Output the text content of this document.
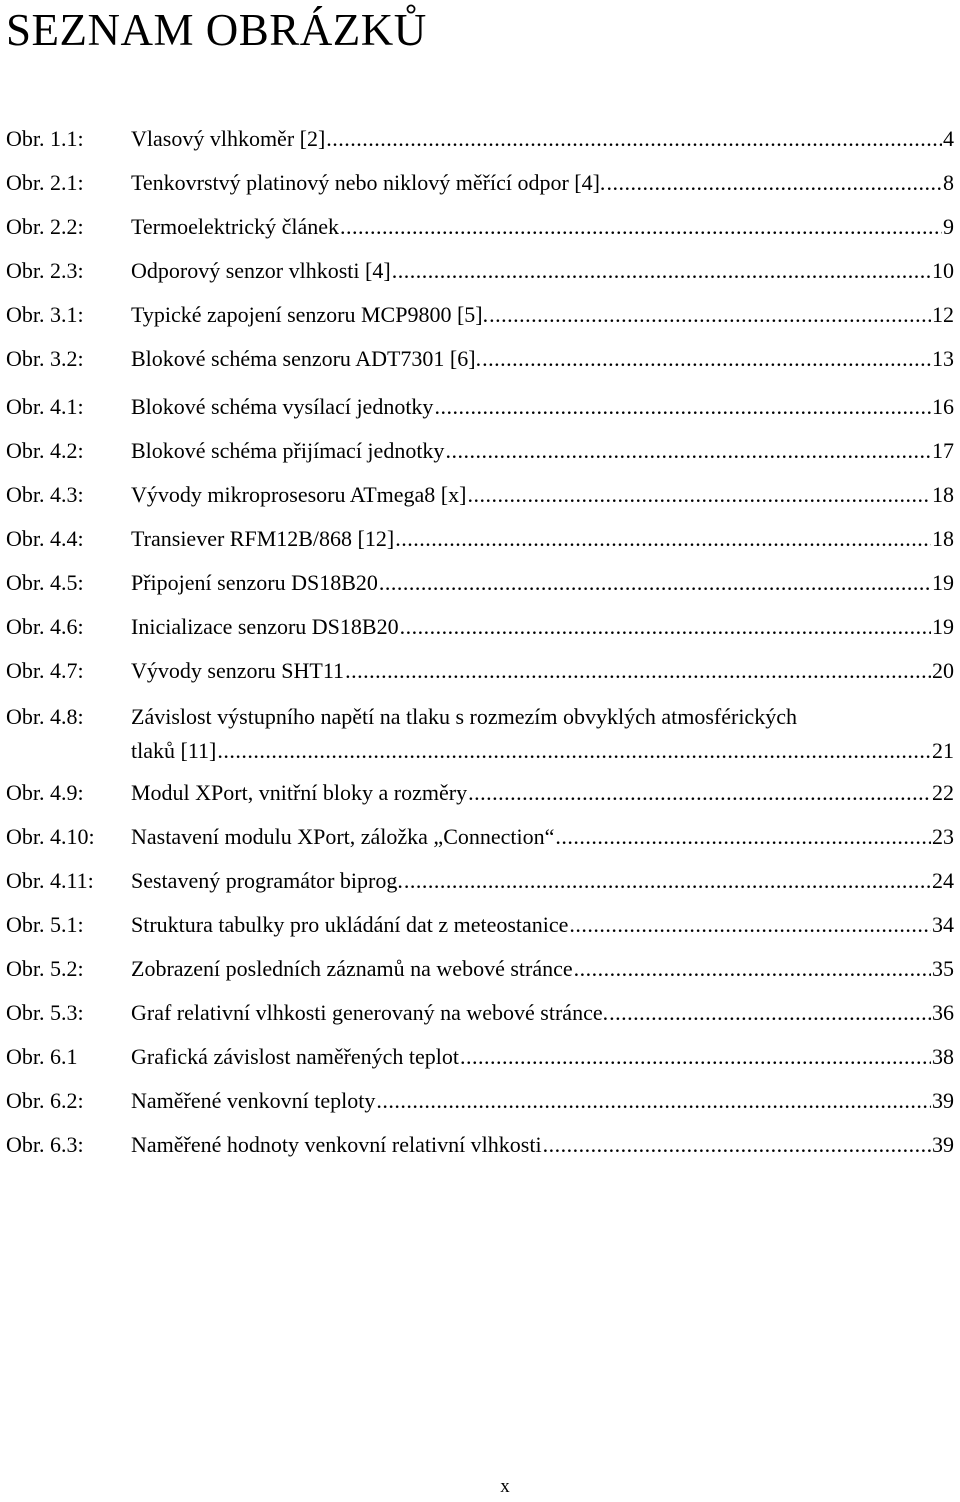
SEZNAM OBRÁZKŮ
Obr. 1.1: Vlasový vlhkoměr [2] .....	4
Obr. 2.1: Tenkovrstvý platinový nebo niklový měřící odpor [4]. .....	8
Obr. 2.2: Termoelektrický článek .....	9
Obr. 2.3: Odporový senzor vlhkosti [4] .....	10
Obr. 3.1: Typické zapojení senzoru MCP9800 [5]. .....	12
Obr. 3.2: Blokové schéma senzoru ADT7301 [6]. .....	13
Obr. 4.1: Blokové schéma vysílací jednotky .....	16
Obr. 4.2: Blokové schéma přijímací jednotky .....	17
Obr. 4.3: Vývody mikroprosesoru ATmega8 [x] .....	18
Obr. 4.4: Transiever RFM12B/868 [12] .....	18
Obr. 4.5: Připojení senzoru DS18B20 .....	19
Obr. 4.6: Inicializace senzoru DS18B20 .....	19
Obr. 4.7: Vývody senzoru SHT11 .....	20
Obr. 4.8: Závislost výstupního napětí na tlaku s rozmezím obvyklých atmosférických
tlaků [11] .....	21
Obr. 4.9: Modul XPort, vnitřní bloky a rozměry .....	22
Obr. 4.10: Nastavení modulu XPort, záložka „Connection“ .....	23
Obr. 4.11: Sestavený programátor biprog. .....	24
Obr. 5.1: Struktura tabulky pro ukládání dat z meteostanice .....	34
Obr. 5.2: Zobrazení posledních záznamů na webové stránce .....	35
Obr. 5.3: Graf relativní vlhkosti generovaný na webové stránce. .....	36
Obr. 6.1 Grafická závislost naměřených teplot .....	38
Obr. 6.2: Naměřené venkovní teploty .....	39
Obr. 6.3: Naměřené hodnoty venkovní relativní vlhkosti .....	39
x
